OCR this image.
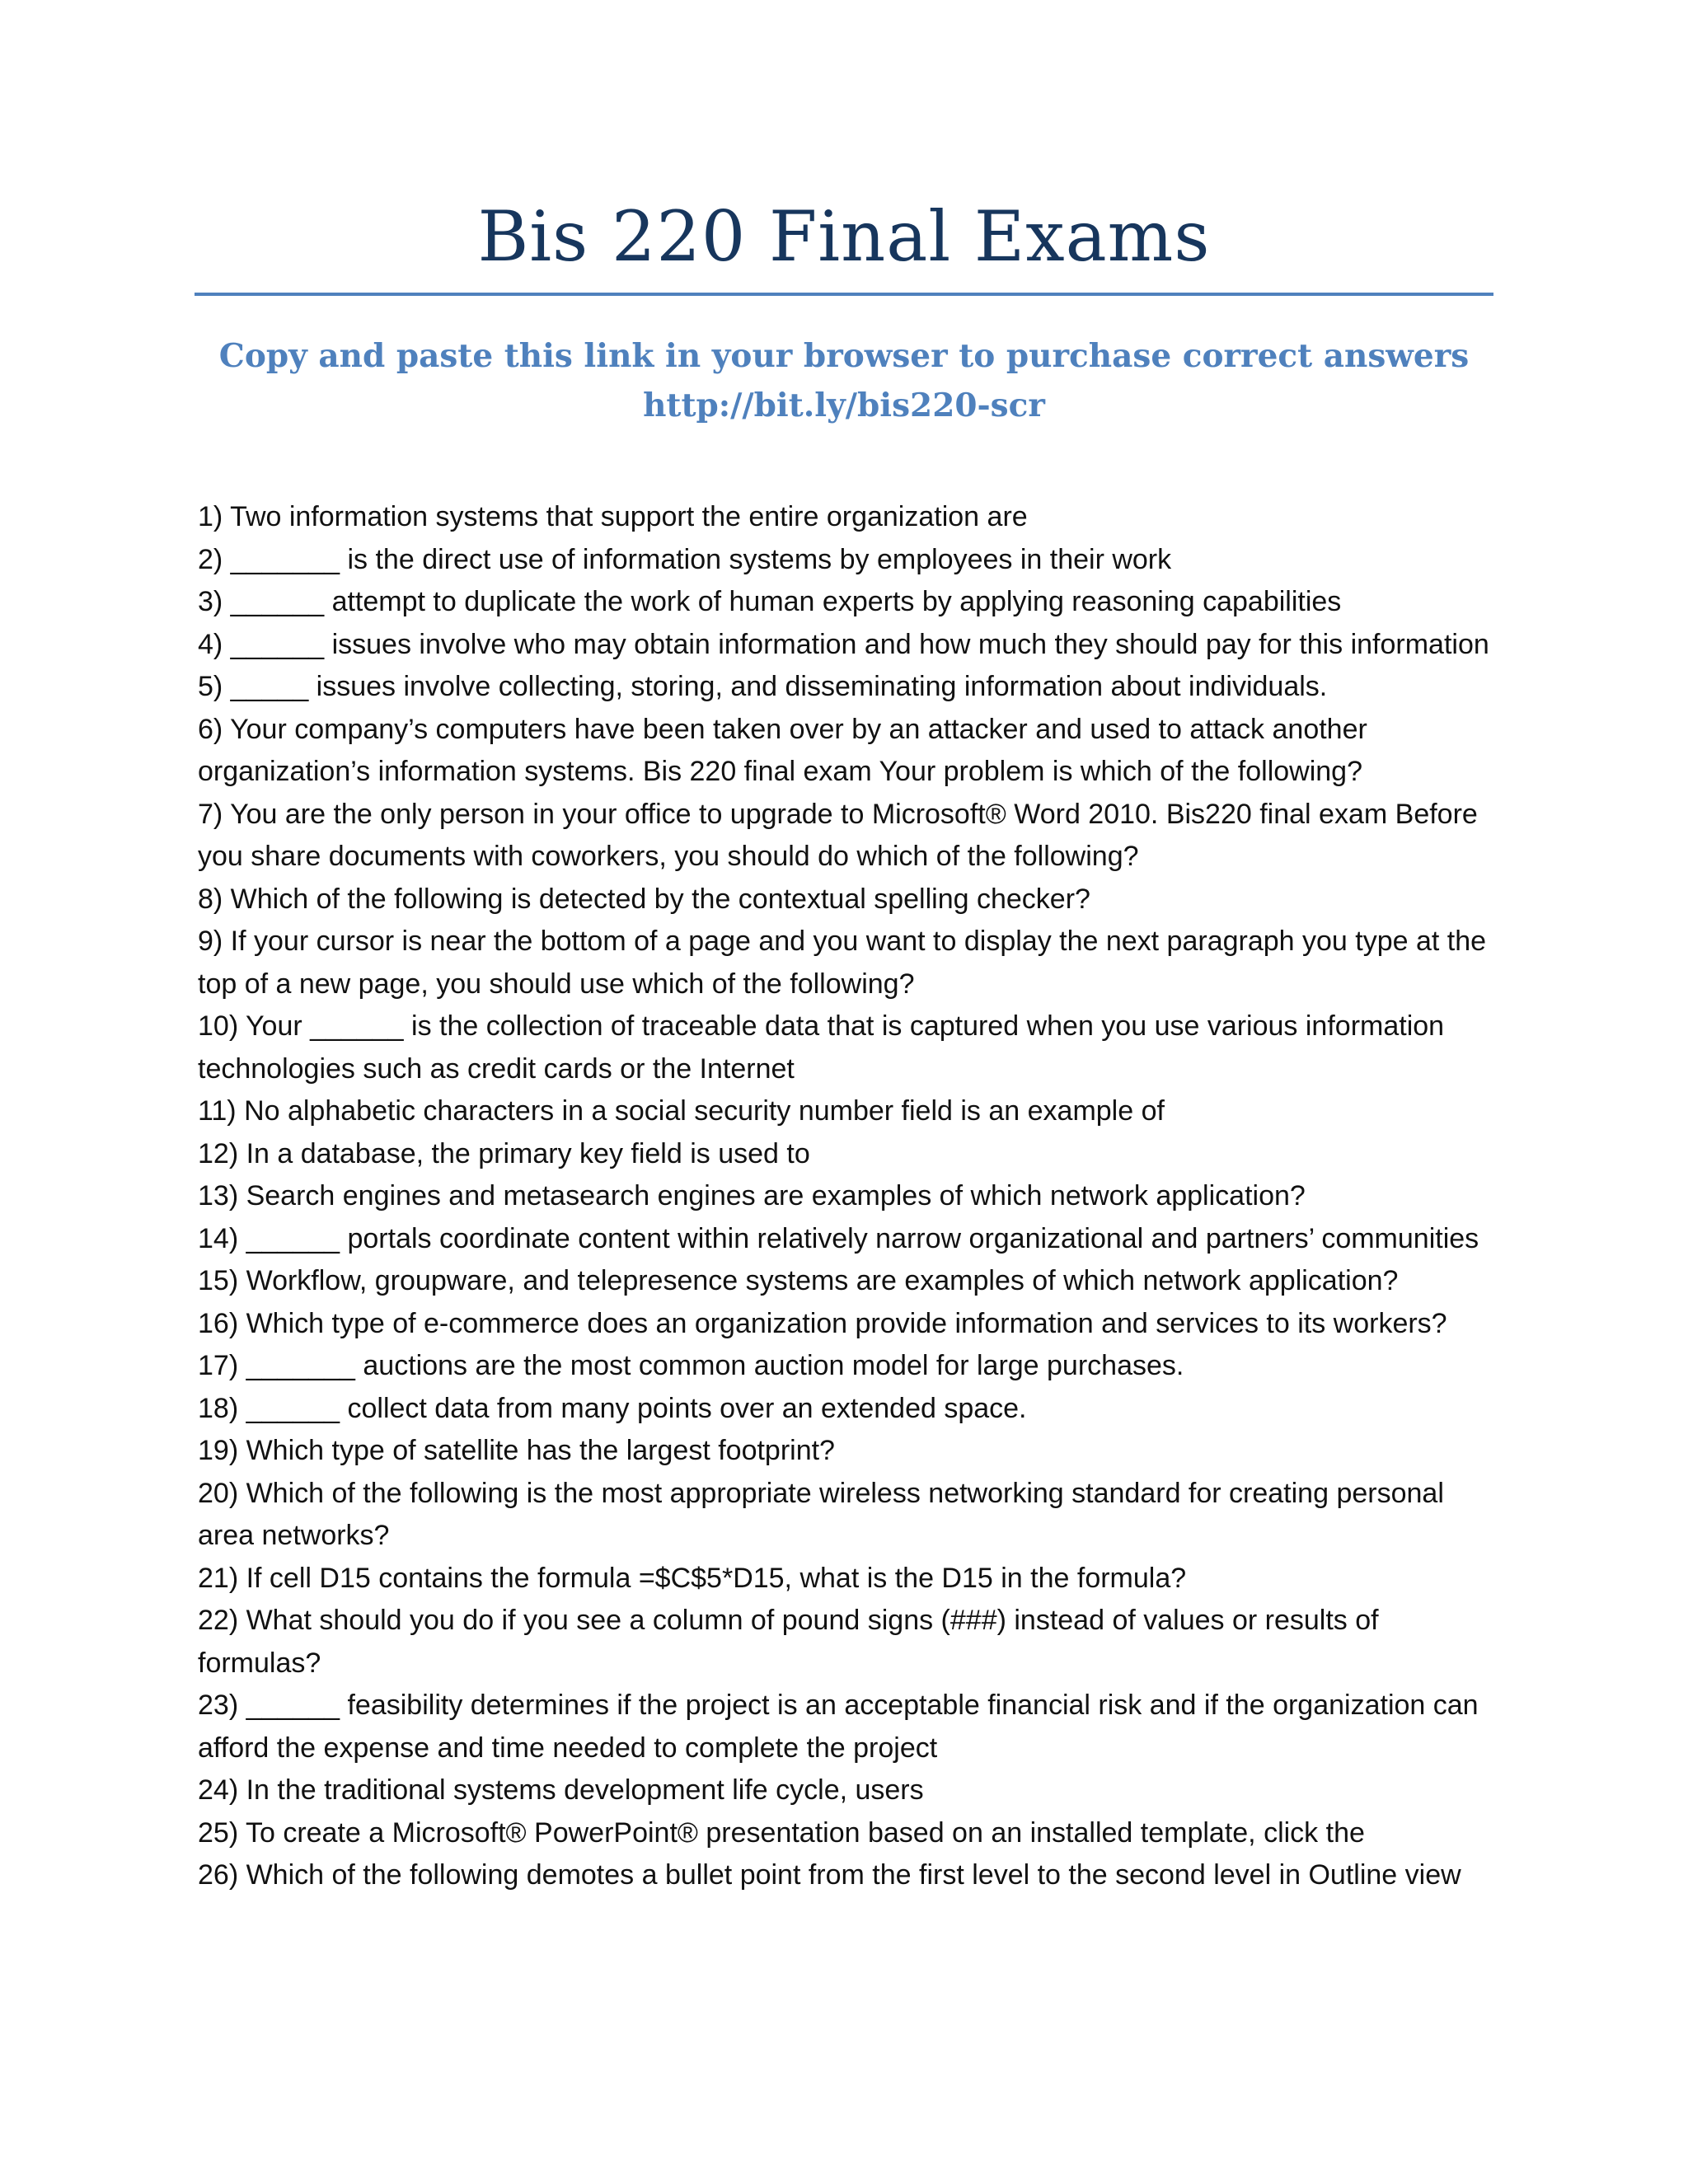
Bis 220 Final Exams
Copy and paste this link in your browser to purchase correct answers
http://bit.ly/bis220-scr
1) Two information systems that support the entire organization are
2) _______ is the direct use of information systems by employees in their work
3) ______ attempt to duplicate the work of human experts by applying reasoning capabilities
4) ______ issues involve who may obtain information and how much they should pay for this information
5) _____ issues involve collecting, storing, and disseminating information about individuals.
6) Your company’s computers have been taken over by an attacker and used to attack another organization’s information systems. Bis 220 final exam Your problem is which of the following?
7) You are the only person in your office to upgrade to Microsoft® Word 2010. Bis220 final exam Before you share documents with coworkers, you should do which of the following?
8) Which of the following is detected by the contextual spelling checker?
9) If your cursor is near the bottom of a page and you want to display the next paragraph you type at the top of a new page, you should use which of the following?
10) Your ______ is the collection of traceable data that is captured when you use various information technologies such as credit cards or the Internet
11) No alphabetic characters in a social security number field is an example of
12) In a database, the primary key field is used to
13) Search engines and metasearch engines are examples of which network application?
14) ______ portals coordinate content within relatively narrow organizational and partners’ communities
15) Workflow, groupware, and telepresence systems are examples of which network application?
16) Which type of e-commerce does an organization provide information and services to its workers?
17) _______ auctions are the most common auction model for large purchases.
18) ______ collect data from many points over an extended space.
19) Which type of satellite has the largest footprint?
20) Which of the following is the most appropriate wireless networking standard for creating personal area networks?
21) If cell D15 contains the formula =$C$5*D15, what is the D15 in the formula?
22) What should you do if you see a column of pound signs (###) instead of values or results of formulas?
23) ______ feasibility determines if the project is an acceptable financial risk and if the organization can afford the expense and time needed to complete the project
24) In the traditional systems development life cycle, users
25) To create a Microsoft® PowerPoint® presentation based on an installed template, click the
26) Which of the following demotes a bullet point from the first level to the second level in Outline view
